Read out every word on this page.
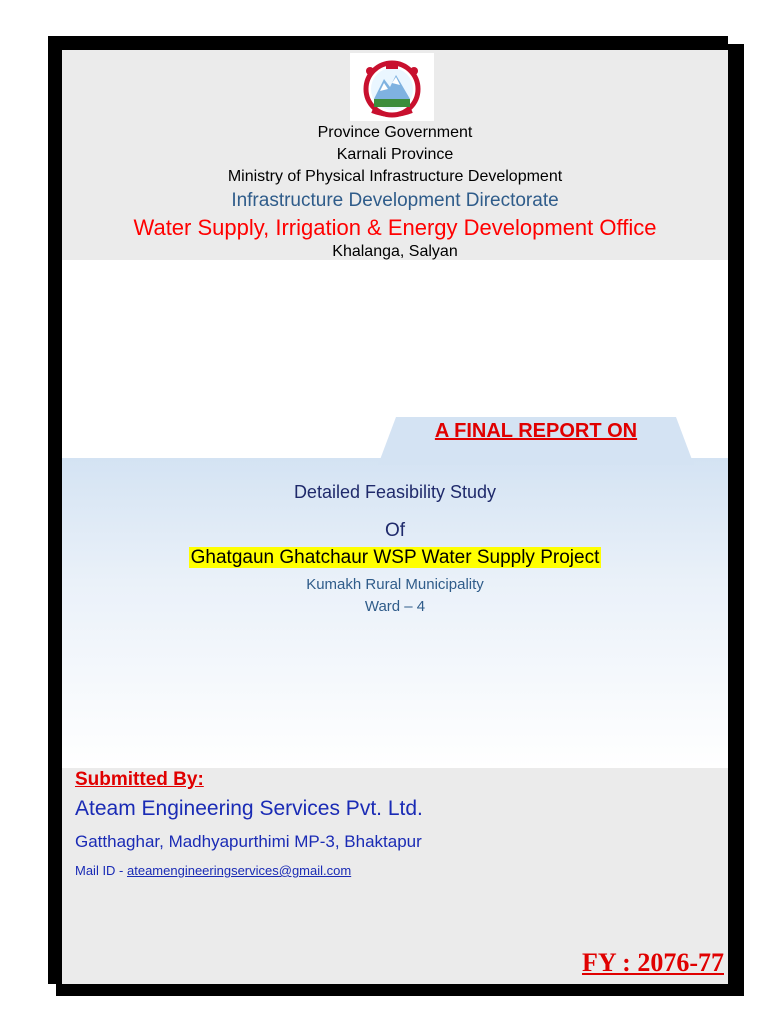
Province Government
Karnali Province
Ministry of Physical Infrastructure Development
Infrastructure Development Directorate
Water Supply, Irrigation & Energy Development Office
Khalanga, Salyan
A FINAL REPORT ON
Detailed Feasibility Study
Of
Ghatgaun Ghatchaur WSP Water Supply Project
Kumakh Rural Municipality
Ward – 4
Submitted By:
Ateam Engineering Services Pvt. Ltd.
Gatthaghar, Madhyapurthimi MP-3, Bhaktapur
Mail ID - ateamengineeringservices@gmail.com
FY : 2076-77
